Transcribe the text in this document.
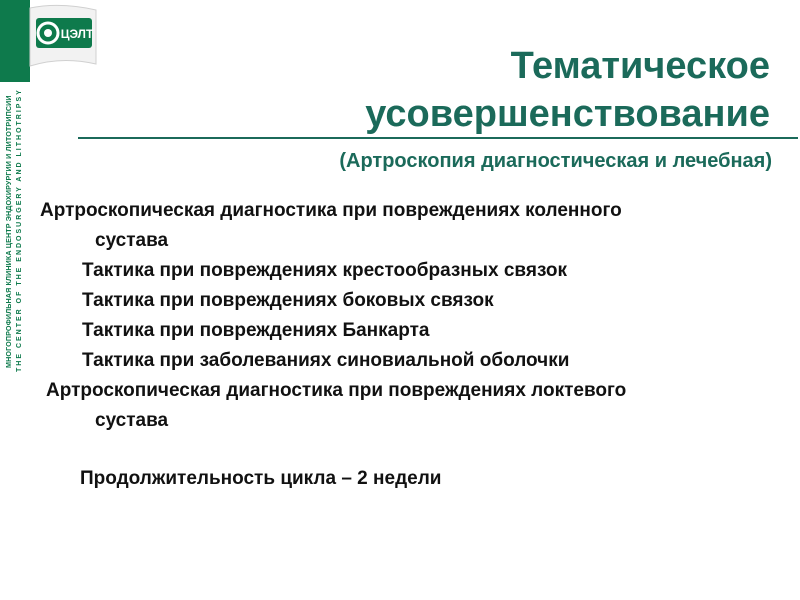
ЦЭЛТ
МНОГОПРОФИЛЬНАЯ КЛИНИКА ЦЕНТР ЭНДОХИРУРГИИ И ЛИТОТРИПСИИ THE CENTER OF THE ENDOSURGERY AND LITHOTRIPSY
Тематическое
усовершенствование
(Артроскопия диагностическая и лечебная)
Артроскопическая диагностика при повреждениях коленного
сустава
Тактика при повреждениях крестообразных связок
Тактика при повреждениях боковых связок
Тактика при повреждениях Банкарта
Тактика при заболеваниях синовиальной оболочки
Артроскопическая диагностика при повреждениях локтевого
сустава
Продолжительность цикла – 2 недели
